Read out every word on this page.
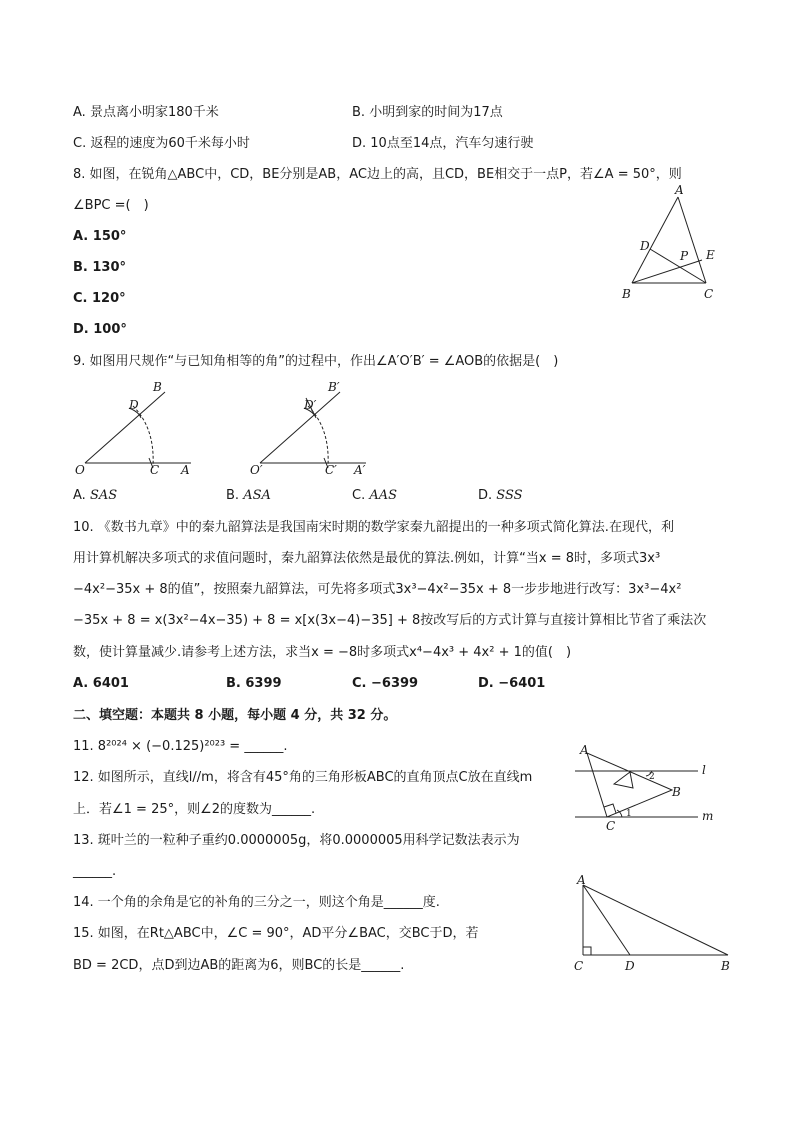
A. 景点离小明家180千米	B. 小明到家的时间为17点
C. 返程的速度为60千米每小时	D. 10点至14点，汽车匀速行驶
8. 如图，在锐角△ABC中，CD，BE分别是AB，AC边上的高，且CD，BE相交于一点P，若∠A = 50°，则
∠BPC =(　)
A. 150°
B. 130°
C. 120°
D. 100°
A
B	C
D
E
P
9. 如图用尺规作“与已知角相等的角”的过程中，作出∠A′O′B′ = ∠AOB的依据是(　)
B
D
O	C A
B′
D′
O′	C′ A′
A. SAS	B. ASA	C. AAS	D. SSS
10. 《数书九章》中的秦九韶算法是我国南宋时期的数学家秦九韶提出的一种多项式简化算法.在现代，利
用计算机解决多项式的求值问题时，秦九韶算法依然是最优的算法.例如，计算“当x = 8时，多项式3x³
−4x²−35x + 8的值”，按照秦九韶算法，可先将多项式3x³−4x²−35x + 8一步步地进行改写：3x³−4x²
−35x + 8 = x(3x²−4x−35) + 8 = x[x(3x−4)−35] + 8按改写后的方式计算与直接计算相比节省了乘法次
数，使计算量减少.请参考上述方法，求当x = −8时多项式x⁴−4x³ + 4x² + 1的值(　)
A. 6401	B. 6399	C. −6399	D. −6401
二、填空题：本题共 8 小题，每小题 4 分，共 32 分。
11. 8²⁰²⁴ × (−0.125)²⁰²³ = ______.
12. 如图所示，直线l//m，将含有45°角的三角形板ABC的直角顶点C放在直线m
上．若∠1 = 25°，则∠2的度数为______.
A
B
C
l
m
1
2
13. 斑叶兰的一粒种子重约0.0000005g，将0.0000005用科学记数法表示为
______.
14. 一个角的余角是它的补角的三分之一，则这个角是______度.
15. 如图，在Rt△ABC中，∠C = 90°，AD平分∠BAC，交BC于D，若
BD = 2CD，点D到边AB的距离为6，则BC的长是______.
A
C	D	B
